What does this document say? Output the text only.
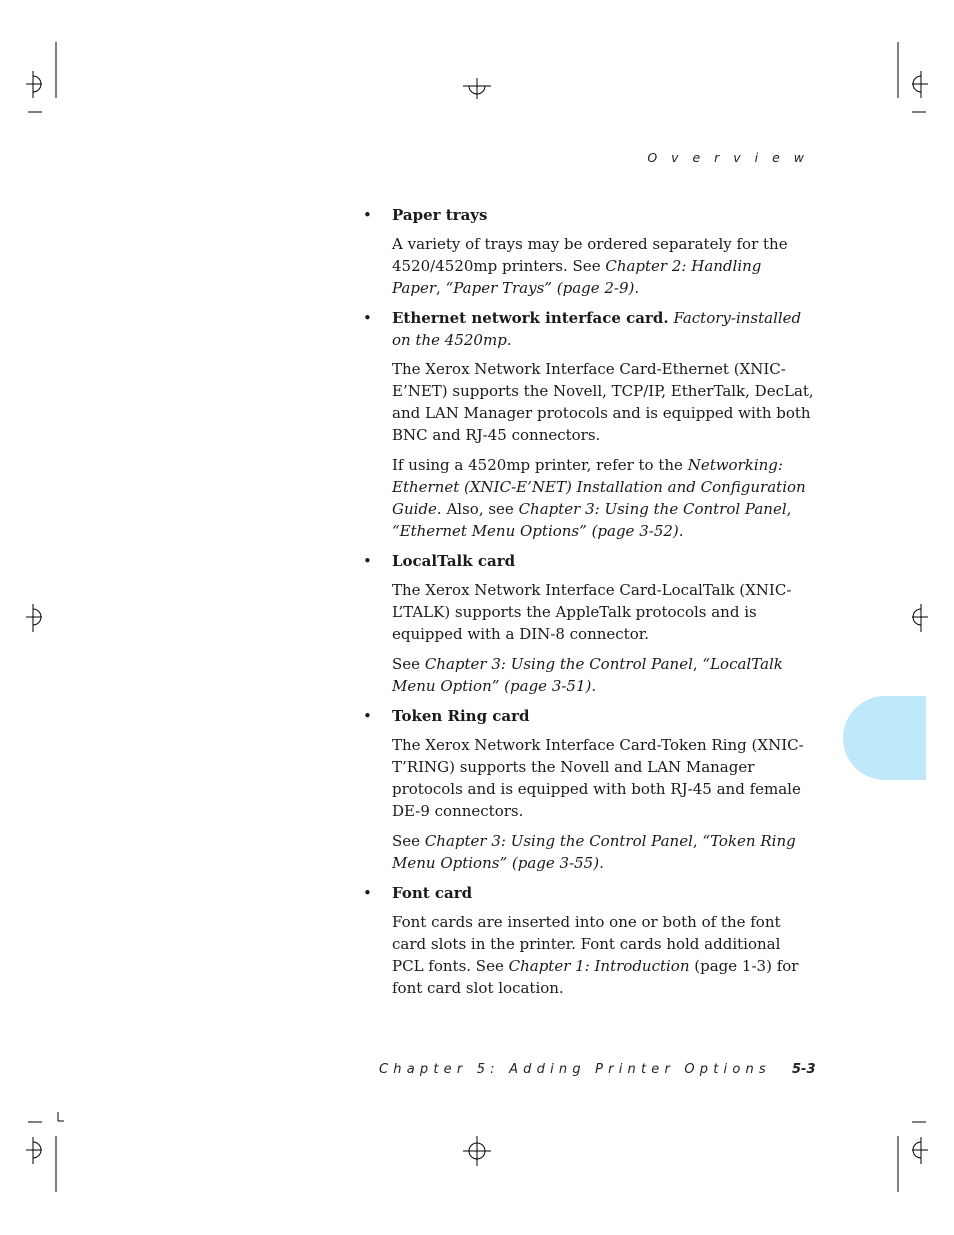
O v e r v i e w
• Paper trays

A variety of trays may be ordered separately for the 4520/4520mp printers. See Chapter 2: Handling Paper, “Paper Trays” (page 2-9).

• Ethernet network interface card. Factory-installed on the 4520mp.

The Xerox Network Interface Card-Ethernet (XNIC-E’NET) supports the Novell, TCP/IP, EtherTalk, DecLat, and LAN Manager protocols and is equipped with both BNC and RJ-45 connectors.

If using a 4520mp printer, refer to the Networking: Ethernet (XNIC-E’NET) Installation and Configuration Guide. Also, see Chapter 3: Using the Control Panel, “Ethernet Menu Options” (page 3-52).

• LocalTalk card

The Xerox Network Interface Card-LocalTalk (XNIC-L’TALK) supports the AppleTalk protocols and is equipped with a DIN-8 connector.

See Chapter 3: Using the Control Panel, “LocalTalk Menu Option” (page 3-51).

• Token Ring card

The Xerox Network Interface Card-Token Ring (XNIC-T’RING) supports the Novell and LAN Manager protocols and is equipped with both RJ-45 and female DE-9 connectors.

See Chapter 3: Using the Control Panel, “Token Ring Menu Options” (page 3-55).

• Font card

Font cards are inserted into one or both of the font card slots in the printer. Font cards hold additional PCL fonts. See Chapter 1: Introduction (page 1-3) for font card slot location.

Chapter 5: Adding Printer Options 5-3
